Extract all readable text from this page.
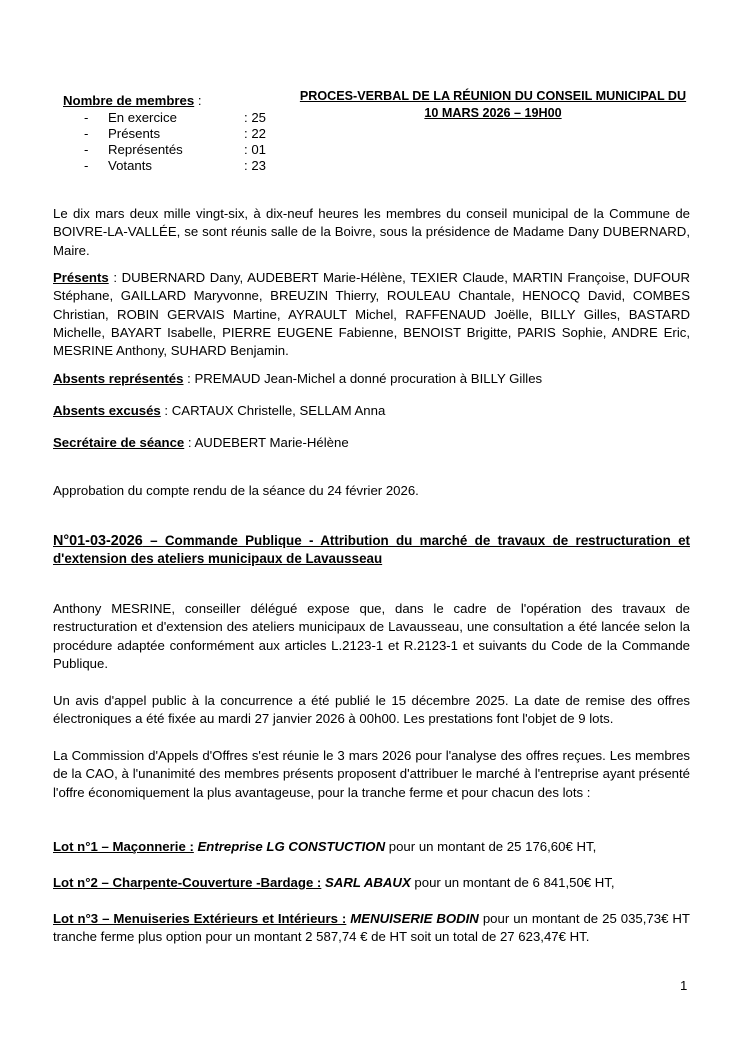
Nombre de membres :
- En exercice	: 25
- Présents	: 22
- Représentés	: 01
- Votants	: 23
PROCES-VERBAL DE LA RÉUNION DU CONSEIL MUNICIPAL DU
10 MARS 2026 – 19H00
Le dix mars deux mille vingt-six, à dix-neuf heures les membres du conseil municipal de la Commune de BOIVRE-LA-VALLÉE, se sont réunis salle de la Boivre, sous la présidence de Madame Dany DUBERNARD, Maire.
Présents : DUBERNARD Dany, AUDEBERT Marie-Hélène, TEXIER Claude, MARTIN Françoise, DUFOUR Stéphane, GAILLARD Maryvonne, BREUZIN Thierry, ROULEAU Chantale, HENOCQ David, COMBES Christian, ROBIN GERVAIS Martine, AYRAULT Michel, RAFFENAUD Joëlle, BILLY Gilles, BASTARD Michelle, BAYART Isabelle, PIERRE EUGENE Fabienne, BENOIST Brigitte, PARIS Sophie, ANDRE Eric, MESRINE Anthony, SUHARD Benjamin.
Absents représentés : PREMAUD Jean-Michel a donné procuration à BILLY Gilles
Absents excusés : CARTAUX Christelle, SELLAM Anna
Secrétaire de séance : AUDEBERT Marie-Hélène
Approbation du compte rendu de la séance du 24 février 2026.
N°01-03-2026 – Commande Publique - Attribution du marché de travaux de restructuration et d'extension des ateliers municipaux de Lavausseau
Anthony MESRINE, conseiller délégué expose que, dans le cadre de l'opération des travaux de restructuration et d'extension des ateliers municipaux de Lavausseau, une consultation a été lancée selon la procédure adaptée conformément aux articles L.2123-1 et R.2123-1 et suivants du Code de la Commande Publique.
Un avis d'appel public à la concurrence a été publié le 15 décembre 2025. La date de remise des offres électroniques a été fixée au mardi 27 janvier 2026 à 00h00. Les prestations font l'objet de 9 lots.
La Commission d'Appels d'Offres s'est réunie le 3 mars 2026 pour l'analyse des offres reçues. Les membres de la CAO, à l'unanimité des membres présents proposent d'attribuer le marché à l'entreprise ayant présenté l'offre économiquement la plus avantageuse, pour la tranche ferme et pour chacun des lots :
Lot n°1 – Maçonnerie : Entreprise LG CONSTUCTION pour un montant de 25 176,60€ HT,
Lot n°2 – Charpente-Couverture -Bardage : SARL ABAUX pour un montant de 6 841,50€ HT,
Lot n°3 – Menuiseries Extérieurs et Intérieurs : MENUISERIE BODIN pour un montant de 25 035,73€ HT tranche ferme plus option pour un montant 2 587,74 € de HT soit un total de 27 623,47€ HT.
1
